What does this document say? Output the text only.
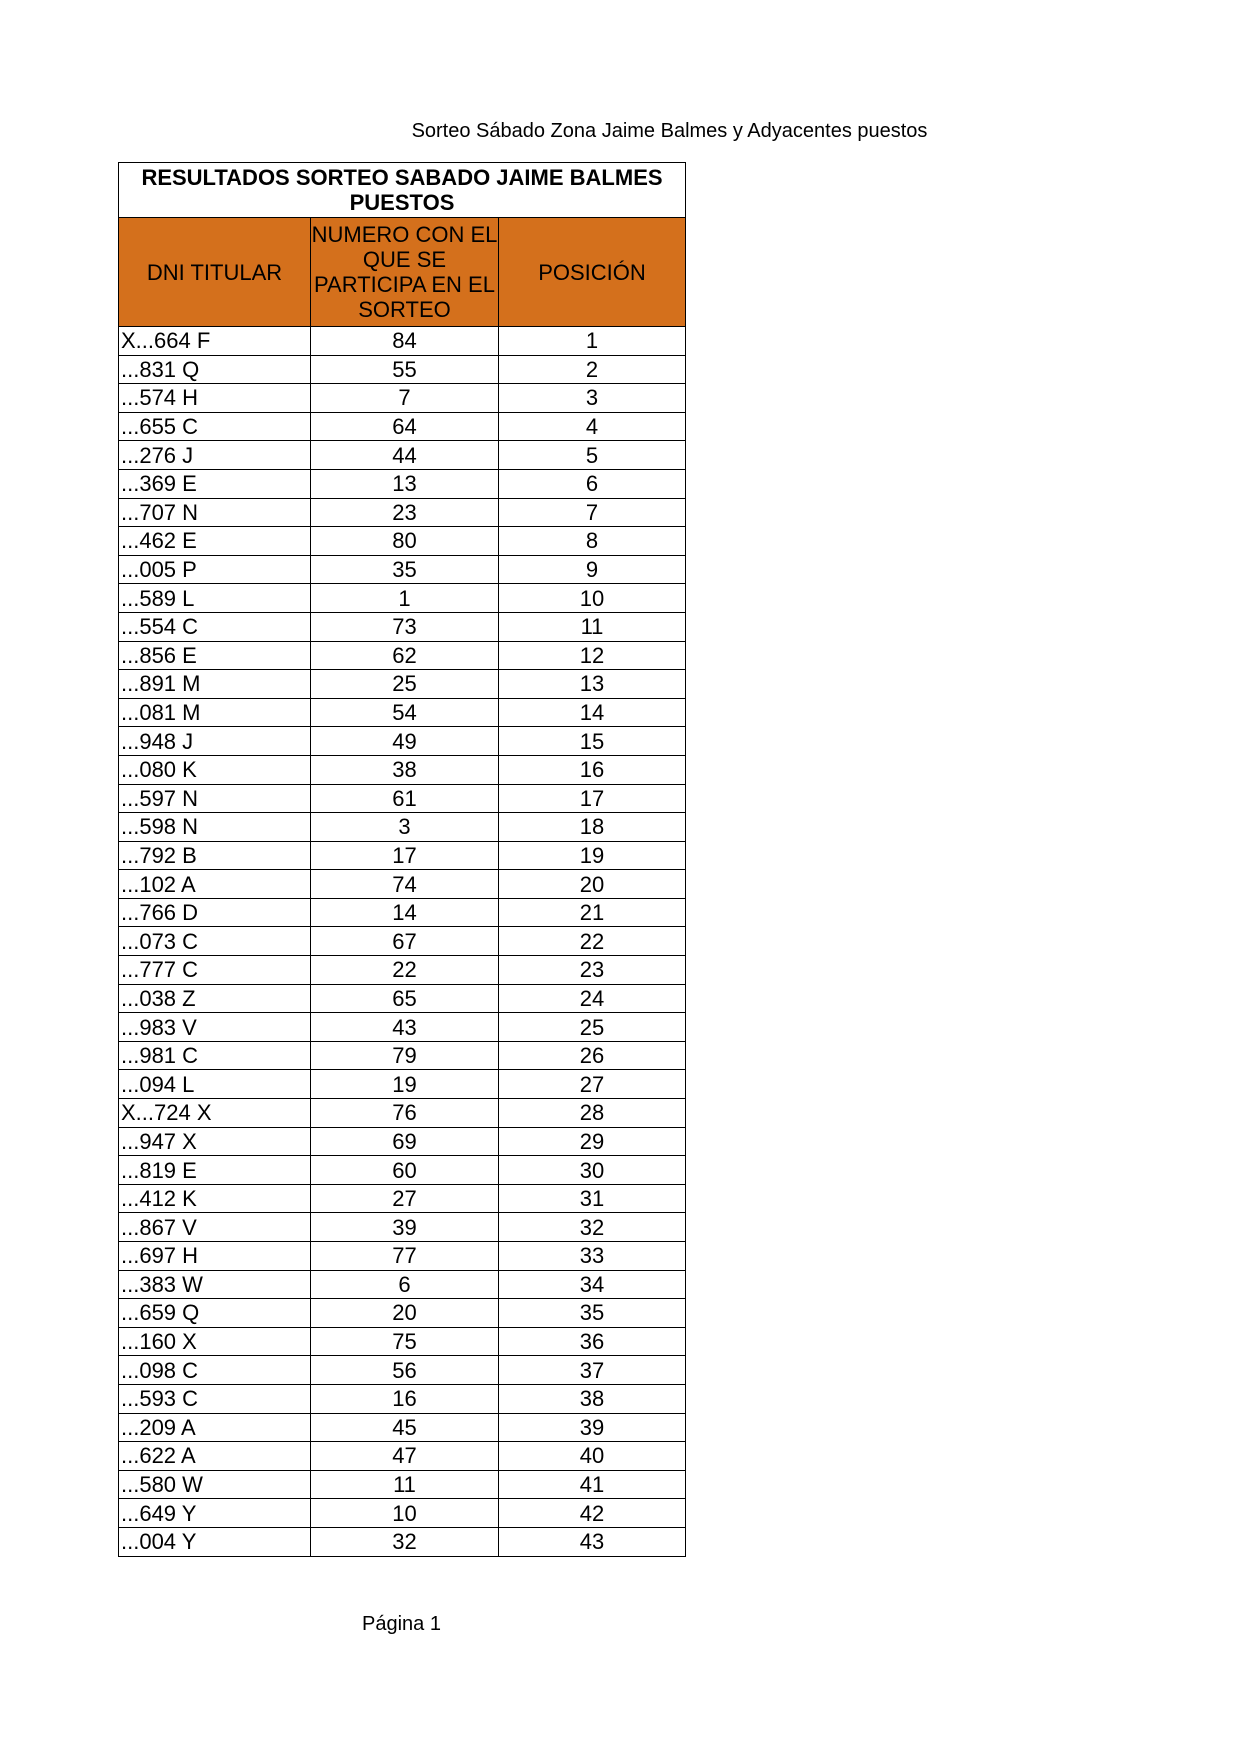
Sorteo Sábado Zona Jaime Balmes y Adyacentes puestos
RESULTADOS SORTEO SABADO JAIME BALMES PUESTOS		
DNI TITULAR	NUMERO CON EL QUE SE PARTICIPA EN EL SORTEO	POSICIÓN
X...664 F	84	1
...831 Q	55	2
...574 H	7	3
...655 C	64	4
...276 J	44	5
...369 E	13	6
...707 N	23	7
...462 E	80	8
...005 P	35	9
...589 L	1	10
...554 C	73	11
...856 E	62	12
...891 M	25	13
...081 M	54	14
...948 J	49	15
...080 K	38	16
...597 N	61	17
...598 N	3	18
...792 B	17	19
...102 A	74	20
...766 D	14	21
...073 C	67	22
...777 C	22	23
...038 Z	65	24
...983 V	43	25
...981 C	79	26
...094 L	19	27
X...724 X	76	28
...947 X	69	29
...819 E	60	30
...412 K	27	31
...867 V	39	32
...697 H	77	33
...383 W	6	34
...659 Q	20	35
...160 X	75	36
...098 C	56	37
...593 C	16	38
...209 A	45	39
...622 A	47	40
...580 W	11	41
...649 Y	10	42
...004 Y	32	43
Página 1
